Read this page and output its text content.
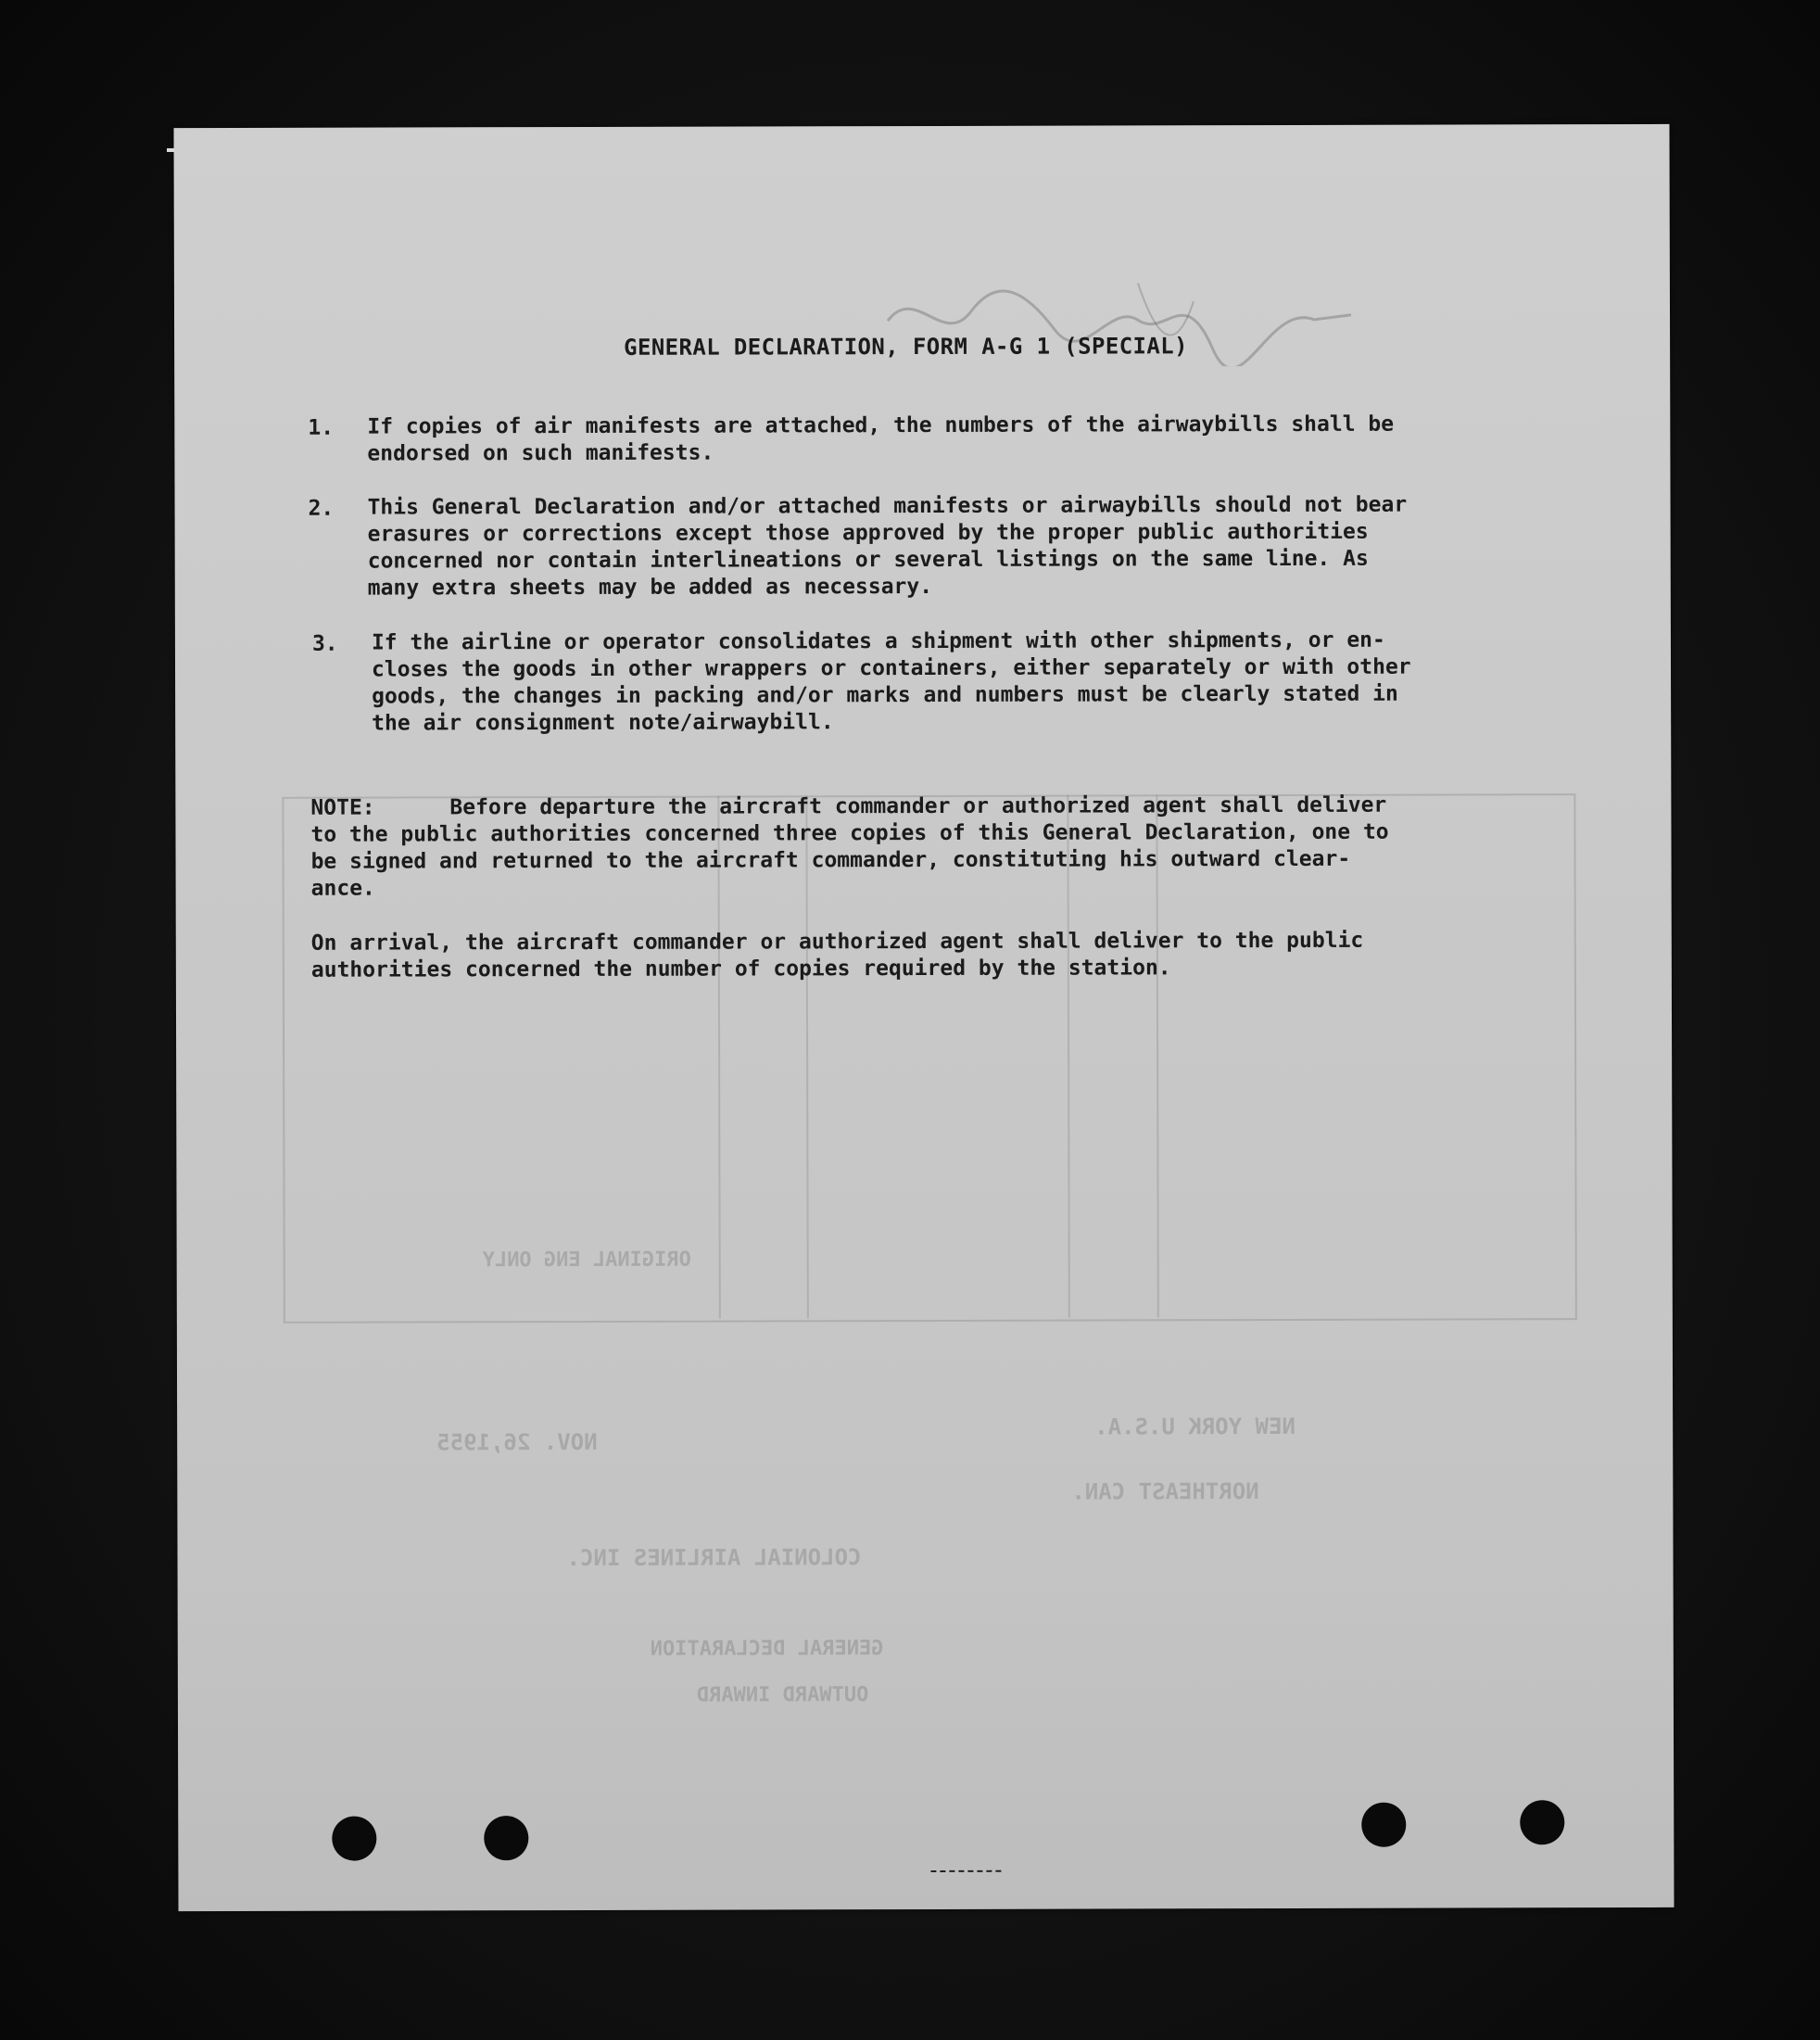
NEW YORK U.S.A.
NOV. 26,1955
NORTHEAST CAN.
COLONIAL AIRLINES INC.
ORIGINAL ENG ONLY
GENERAL DECLARATION
OUTWARD INWARD
GENERAL DECLARATION, FORM A-G 1 (SPECIAL)
1. If copies of air manifests are attached, the numbers of the airwaybills shall be
endorsed on such manifests.
2. This General Declaration and/or attached manifests or airwaybills should not bear
erasures or corrections except those approved by the proper public authorities
concerned nor contain interlineations or several listings on the same line. As
many extra sheets may be added as necessary.
3. If the airline or operator consolidates a shipment with other shipments, or en-
closes the goods in other wrappers or containers, either separately or with other
goods, the changes in packing and/or marks and numbers must be clearly stated in
the air consignment note/airwaybill.
NOTE:	Before departure the aircraft commander or authorized agent shall deliver
to the public authorities concerned three copies of this General Declaration, one to
be signed and returned to the aircraft commander, constituting his outward clear-
ance.
On arrival, the aircraft commander or authorized agent shall deliver to the public
authorities concerned the number of copies required by the station.
